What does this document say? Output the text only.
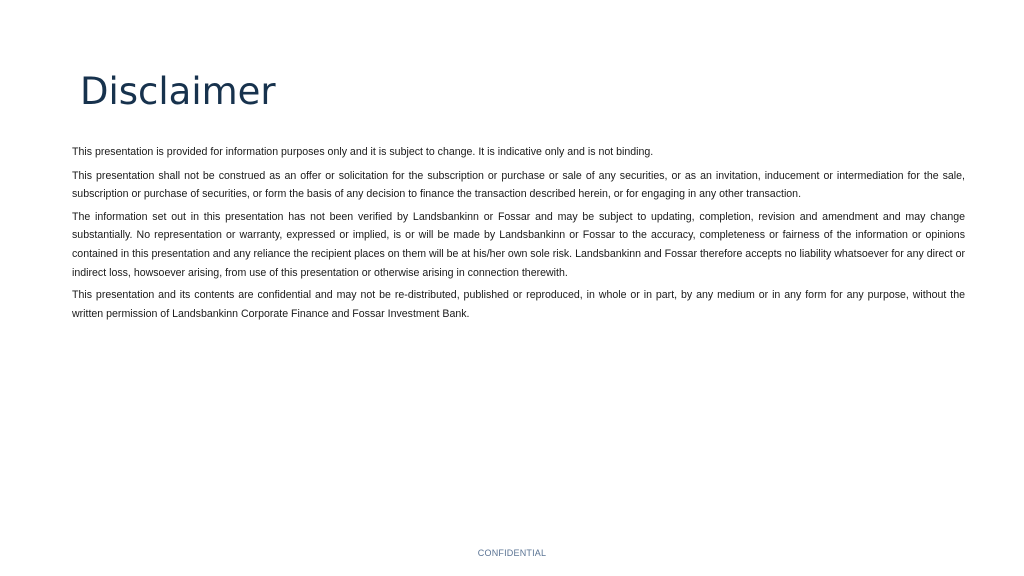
Disclaimer

This presentation is provided for information purposes only and it is subject to change. It is indicative only and is not binding.

This presentation shall not be construed as an offer or solicitation for the subscription or purchase or sale of any securities, or as an invitation, inducement or intermediation for the sale, subscription or purchase of securities, or form the basis of any decision to finance the transaction described herein, or for engaging in any other transaction.

The information set out in this presentation has not been verified by Landsbankinn or Fossar and may be subject to updating, completion, revision and amendment and may change substantially. No representation or warranty, expressed or implied, is or will be made by Landsbankinn or Fossar to the accuracy, completeness or fairness of the information or opinions contained in this presentation and any reliance the recipient places on them will be at his/her own sole risk. Landsbankinn and Fossar therefore accepts no liability whatsoever for any direct or indirect loss, howsoever arising, from use of this presentation or otherwise arising in connection therewith.

This presentation and its contents are confidential and may not be re-distributed, published or reproduced, in whole or in part, by any medium or in any form for any purpose, without the written permission of Landsbankinn Corporate Finance and Fossar Investment Bank.

CONFIDENTIAL
